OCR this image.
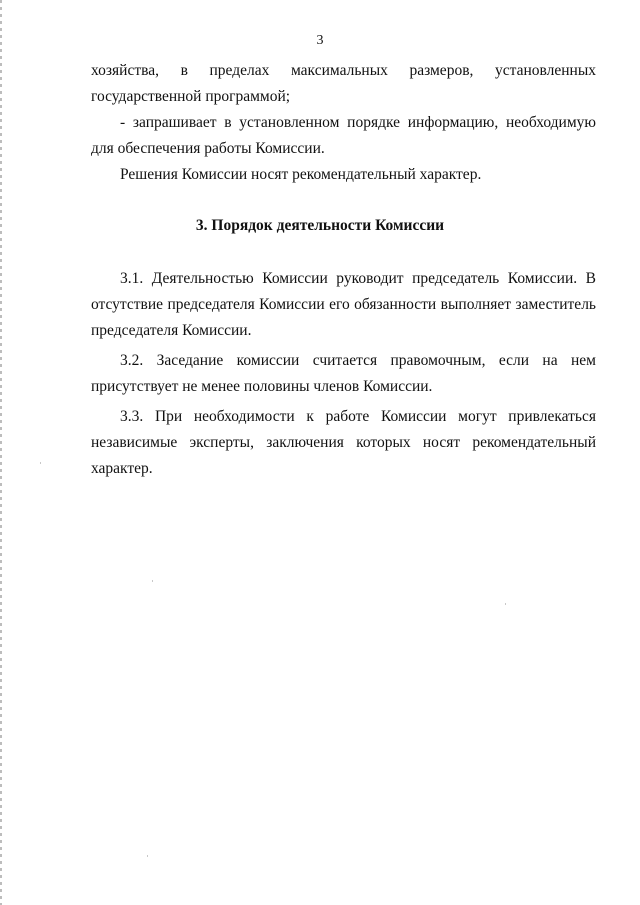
3

хозяйства, в пределах максимальных размеров, установленных государственной программой;

- запрашивает в установленном порядке информацию, необходимую для обеспечения работы Комиссии.

Решения Комиссии носят рекомендательный характер.

3. Порядок деятельности Комиссии

3.1. Деятельностью Комиссии руководит председатель Комиссии. В отсутствие председателя Комиссии его обязанности выполняет заместитель председателя Комиссии.

3.2. Заседание комиссии считается правомочным, если на нем присутствует не менее половины членов Комиссии.

3.3. При необходимости к работе Комиссии могут привлекаться независимые эксперты, заключения которых носят рекомендательный характер.
